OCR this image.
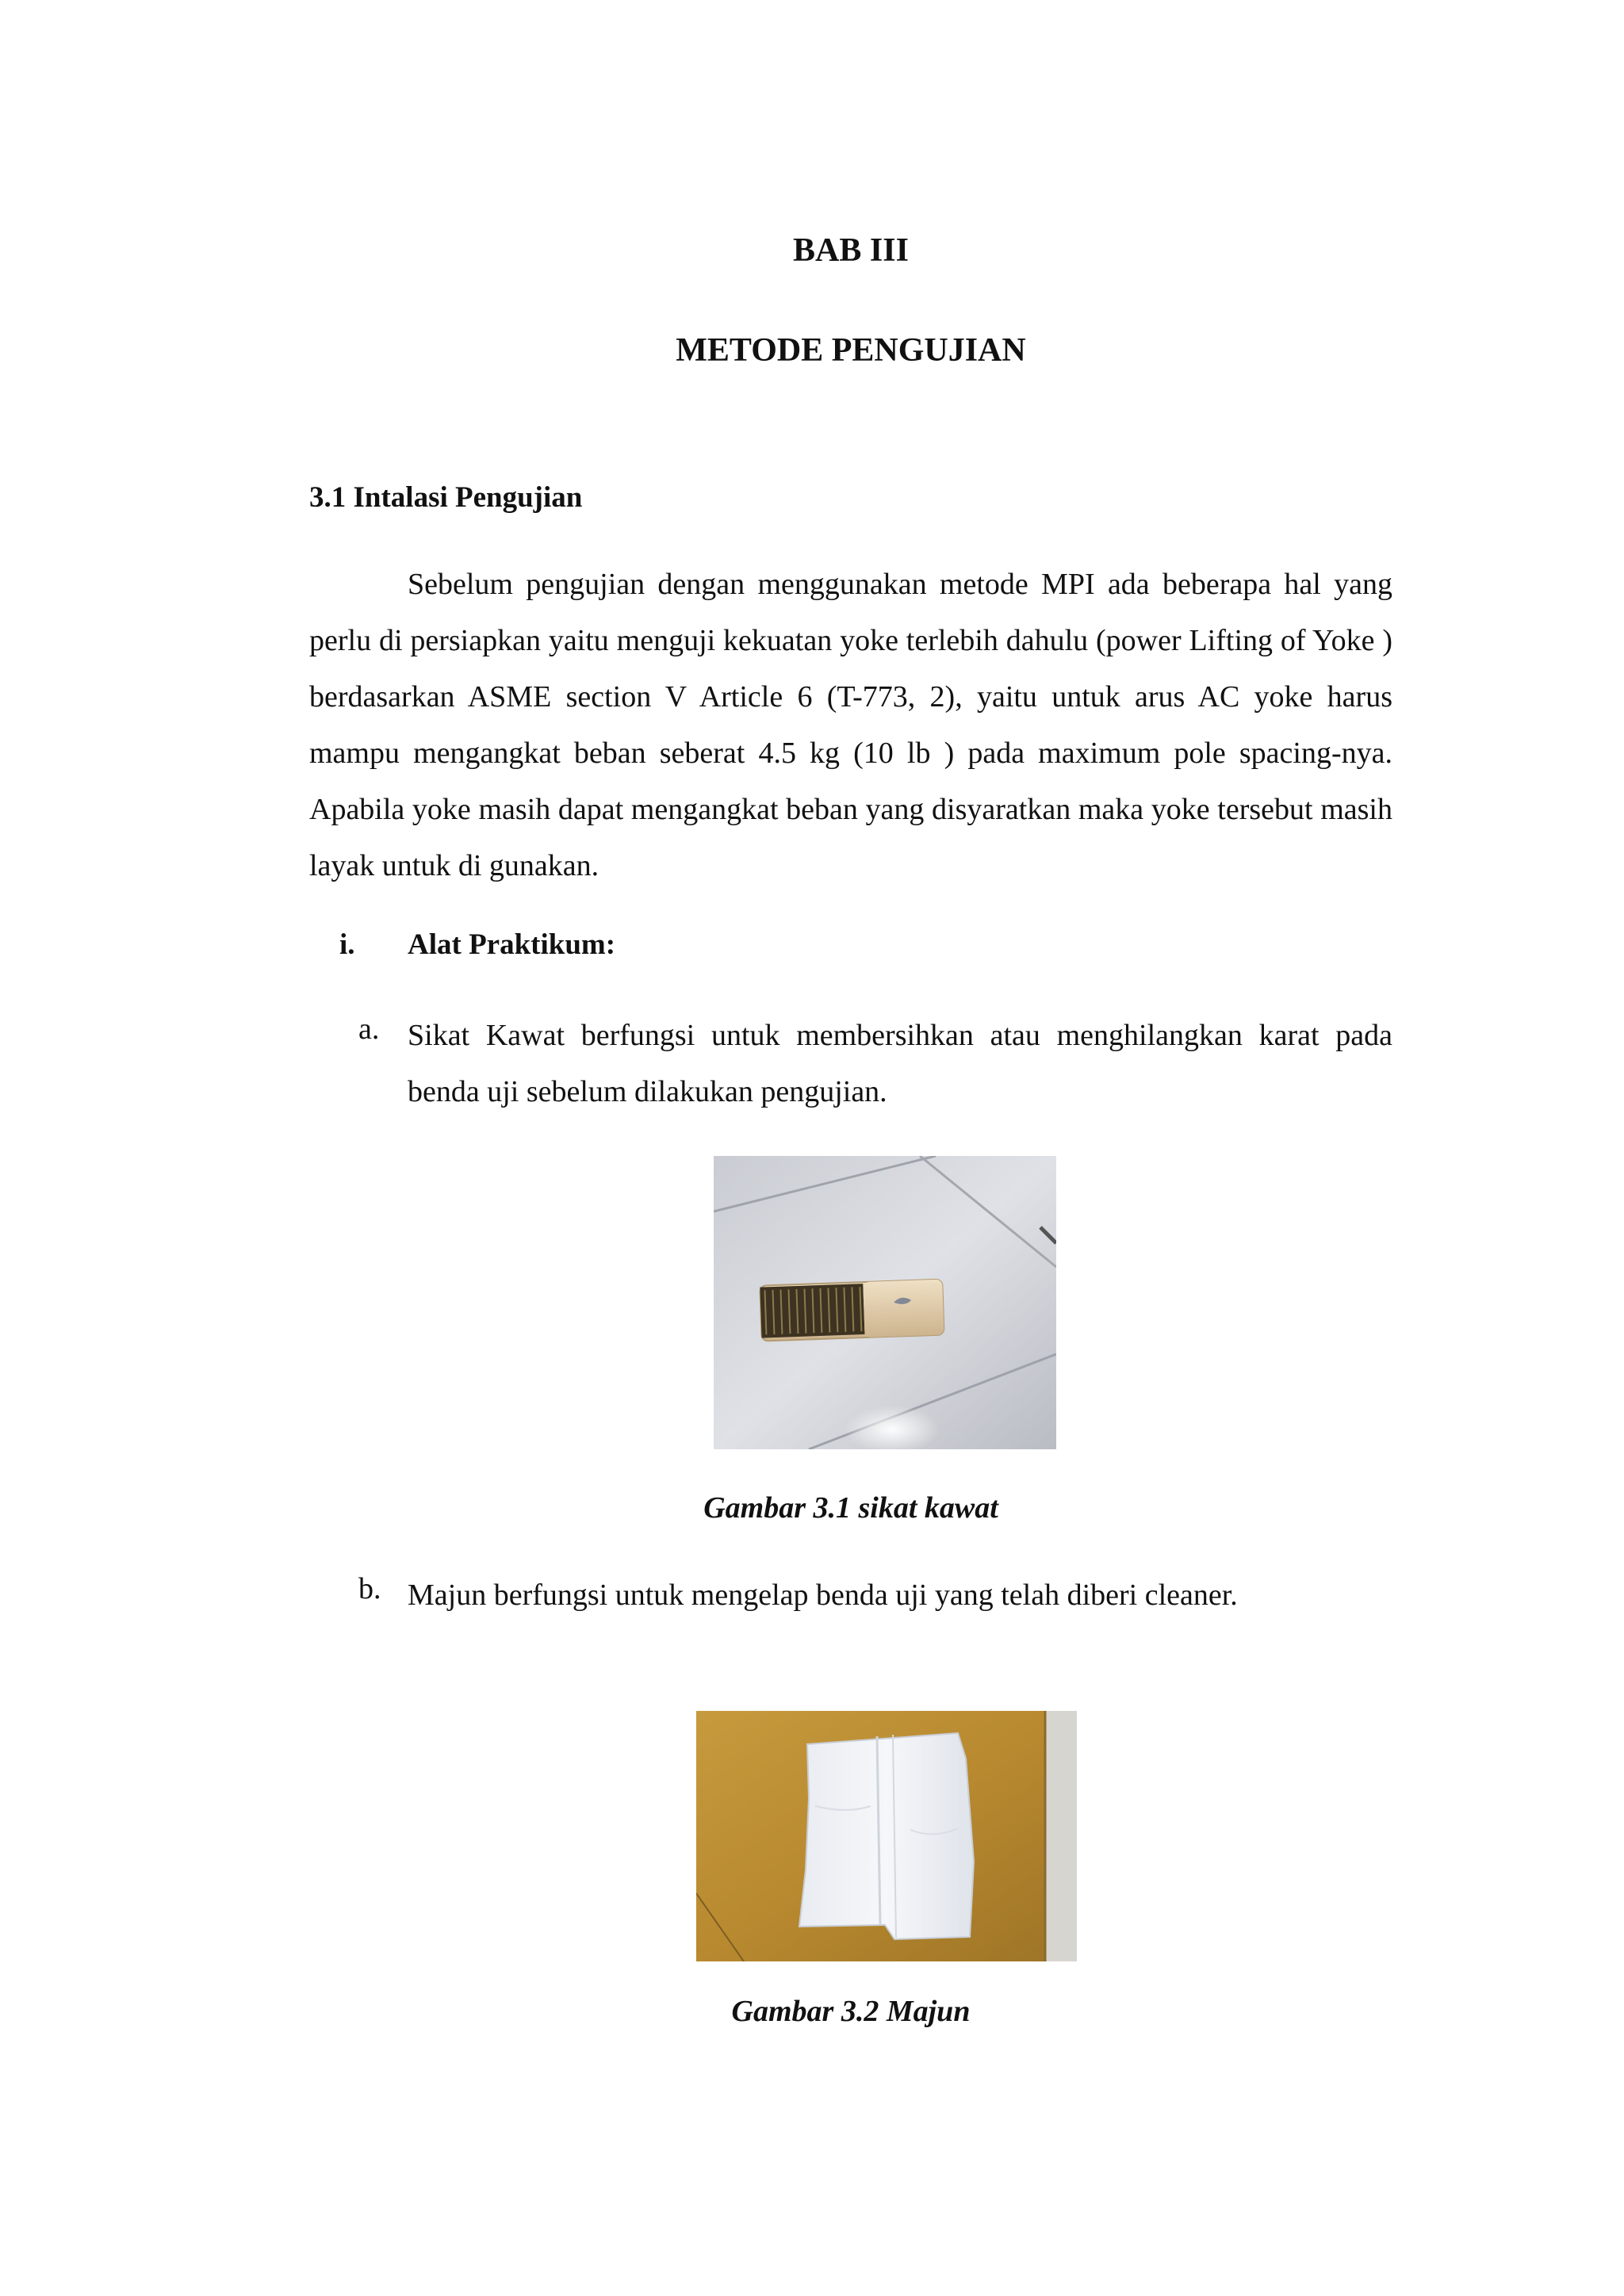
BAB III
METODE PENGUJIAN
3.1 Intalasi Pengujian

Sebelum pengujian dengan menggunakan metode MPI ada beberapa hal yang perlu di persiapkan yaitu menguji kekuatan yoke terlebih dahulu (power Lifting of Yoke ) berdasarkan ASME section V Article 6 (T-773, 2), yaitu untuk arus AC yoke harus mampu mengangkat beban seberat 4.5 kg (10 lb ) pada maximum pole spacing-nya. Apabila yoke masih dapat mengangkat beban yang disyaratkan maka yoke tersebut masih layak untuk di gunakan.

i. Alat Praktikum:
a. Sikat Kawat berfungsi untuk membersihkan atau menghilangkan karat pada benda uji sebelum dilakukan pengujian.

Gambar 3.1 sikat kawat
b. Majun berfungsi untuk mengelap benda uji yang telah diberi cleaner.

Gambar 3.2 Majun
